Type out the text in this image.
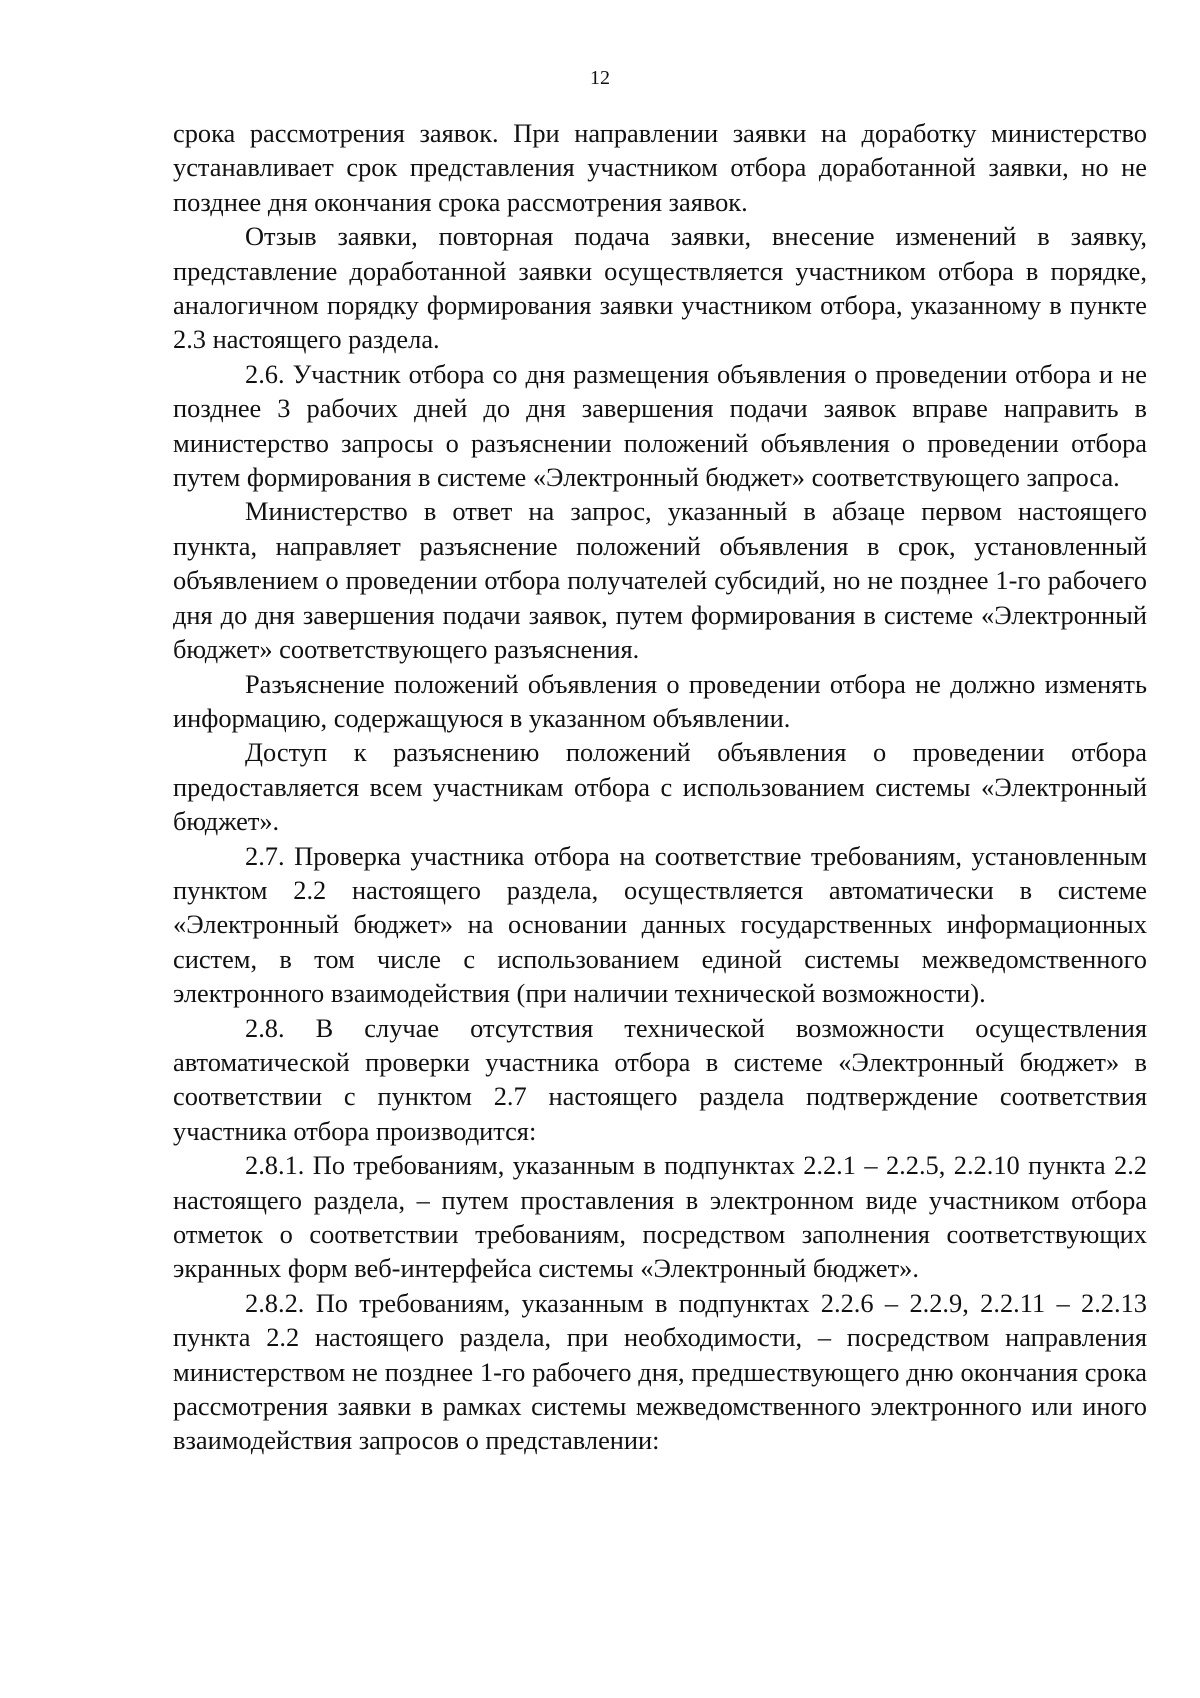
12

срока рассмотрения заявок. При направлении заявки на доработку министерство устанавливает срок представления участником отбора доработанной заявки, но не позднее дня окончания срока рассмотрения заявок.

Отзыв заявки, повторная подача заявки, внесение изменений в заявку, представление доработанной заявки осуществляется участником отбора в порядке, аналогичном порядку формирования заявки участником отбора, указанному в пункте 2.3 настоящего раздела.

2.6. Участник отбора со дня размещения объявления о проведении отбора и не позднее 3 рабочих дней до дня завершения подачи заявок вправе направить в министерство запросы о разъяснении положений объявления о проведении отбора путем формирования в системе «Электронный бюджет» соответствующего запроса.

Министерство в ответ на запрос, указанный в абзаце первом настоящего пункта, направляет разъяснение положений объявления в срок, установленный объявлением о проведении отбора получателей субсидий, но не позднее 1-го рабочего дня до дня завершения подачи заявок, путем формирования в системе «Электронный бюджет» соответствующего разъяснения.

Разъяснение положений объявления о проведении отбора не должно изменять информацию, содержащуюся в указанном объявлении.

Доступ к разъяснению положений объявления о проведении отбора предоставляется всем участникам отбора с использованием системы «Электронный бюджет».

2.7. Проверка участника отбора на соответствие требованиям, установленным пунктом 2.2 настоящего раздела, осуществляется автоматически в системе «Электронный бюджет» на основании данных государственных информационных систем, в том числе с использованием единой системы межведомственного электронного взаимодействия (при наличии технической возможности).

2.8. В случае отсутствия технической возможности осуществления автоматической проверки участника отбора в системе «Электронный бюджет» в соответствии с пунктом 2.7 настоящего раздела подтверждение соответствия участника отбора производится:

2.8.1. По требованиям, указанным в подпунктах 2.2.1 – 2.2.5, 2.2.10 пункта 2.2 настоящего раздела, – путем проставления в электронном виде участником отбора отметок о соответствии требованиям, посредством заполнения соответствующих экранных форм веб-интерфейса системы «Электронный бюджет».

2.8.2. По требованиям, указанным в подпунктах 2.2.6 – 2.2.9, 2.2.11 – 2.2.13 пункта 2.2 настоящего раздела, при необходимости, – посредством направления министерством не позднее 1-го рабочего дня, предшествующего дню окончания срока рассмотрения заявки в рамках системы межведомственного электронного или иного взаимодействия запросов о представлении:
